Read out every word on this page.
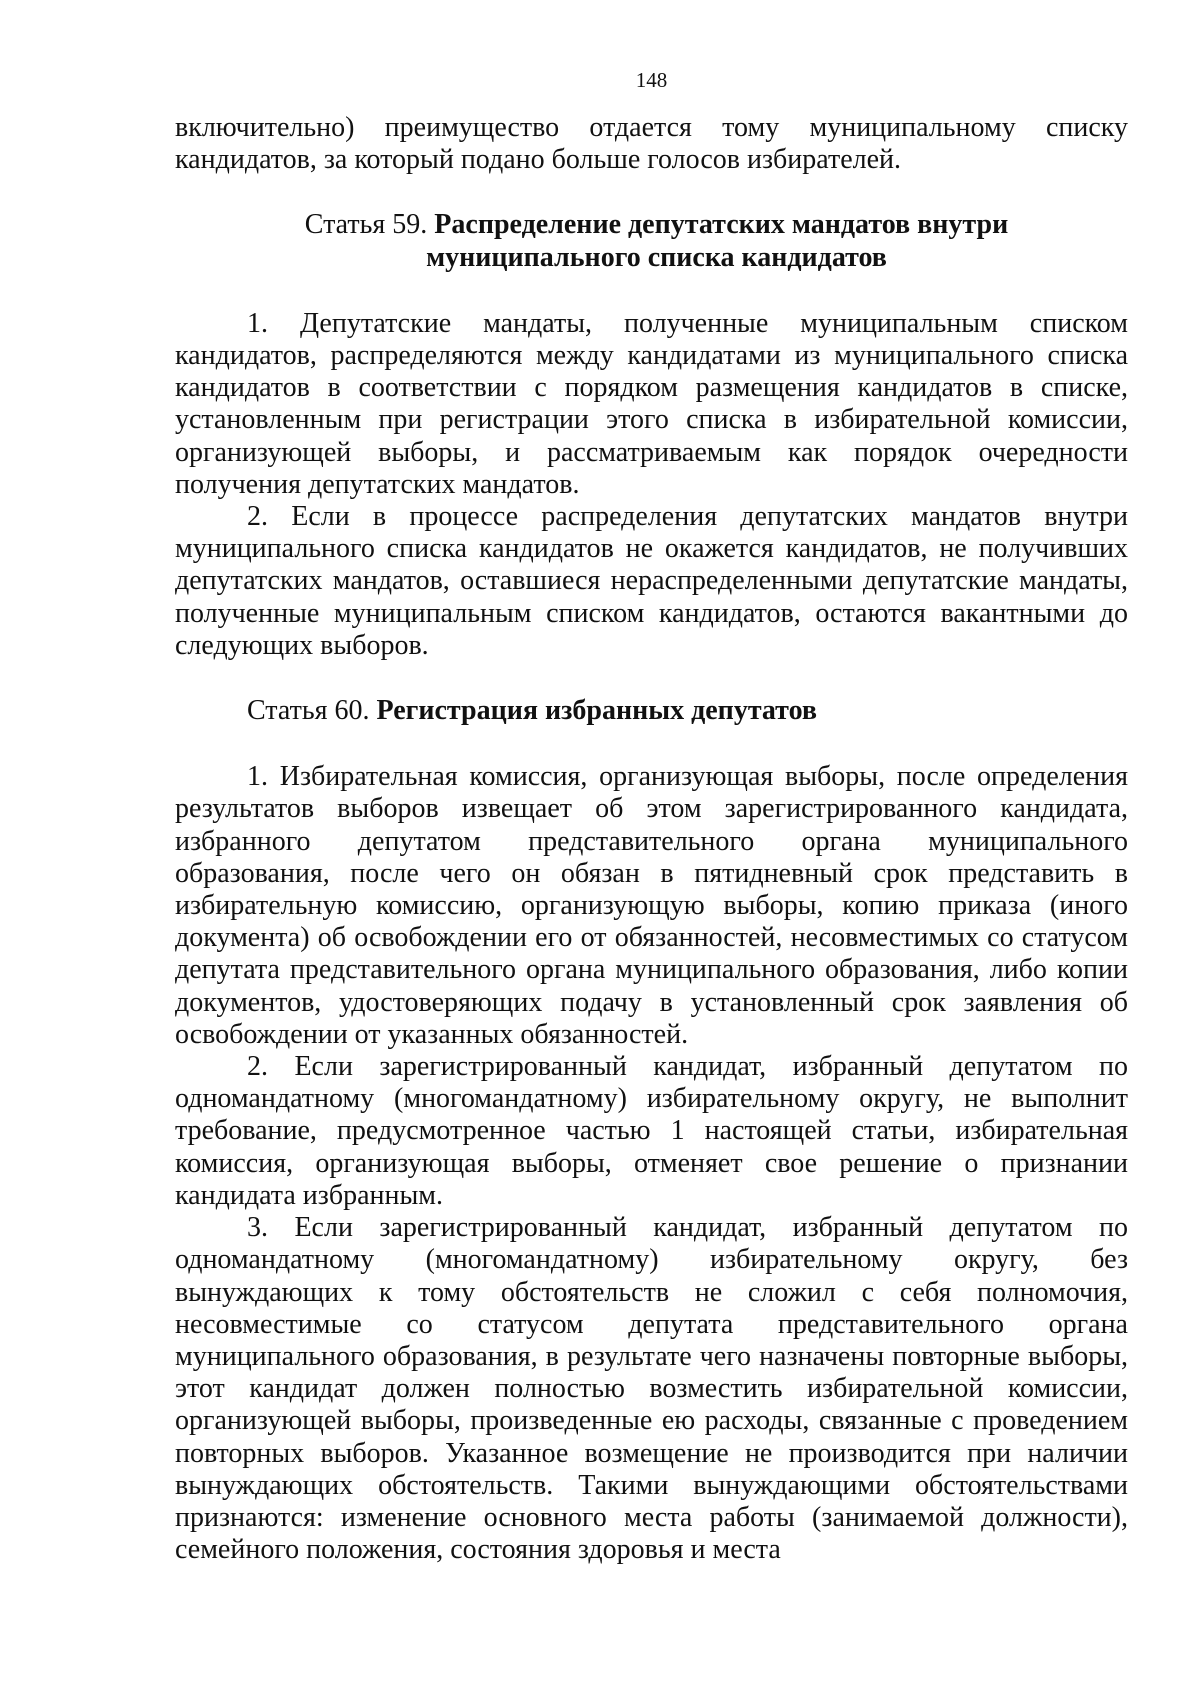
148

включительно) преимущество отдается тому муниципальному списку кандидатов, за который подано больше голосов избирателей.

Статья 59. Распределение депутатских мандатов внутри
муниципального списка кандидатов

1. Депутатские мандаты, полученные муниципальным списком кандидатов, распределяются между кандидатами из муниципального списка кандидатов в соответствии с порядком размещения кандидатов в списке, установленным при регистрации этого списка в избирательной комиссии, организующей выборы, и рассматриваемым как порядок очередности получения депутатских мандатов.

2. Если в процессе распределения депутатских мандатов внутри муниципального списка кандидатов не окажется кандидатов, не получивших депутатских мандатов, оставшиеся нераспределенными депутатские мандаты, полученные муниципальным списком кандидатов, остаются вакантными до следующих выборов.

Статья 60. Регистрация избранных депутатов

1. Избирательная комиссия, организующая выборы, после определения результатов выборов извещает об этом зарегистрированного кандидата, избранного депутатом представительного органа муниципального образования, после чего он обязан в пятидневный срок представить в избирательную комиссию, организующую выборы, копию приказа (иного документа) об освобождении его от обязанностей, несовместимых со статусом депутата представительного органа муниципального образования, либо копии документов, удостоверяющих подачу в установленный срок заявления об освобождении от указанных обязанностей.

2. Если зарегистрированный кандидат, избранный депутатом по одномандатному (многомандатному) избирательному округу, не выполнит требование, предусмотренное частью 1 настоящей статьи, избирательная комиссия, организующая выборы, отменяет свое решение о признании кандидата избранным.

3. Если зарегистрированный кандидат, избранный депутатом по одномандатному (многомандатному) избирательному округу, без вынуждающих к тому обстоятельств не сложил с себя полномочия, несовместимые со статусом депутата представительного органа муниципального образования, в результате чего назначены повторные выборы, этот кандидат должен полностью возместить избирательной комиссии, организующей выборы, произведенные ею расходы, связанные с проведением повторных выборов. Указанное возмещение не производится при наличии вынуждающих обстоятельств. Такими вынуждающими обстоятельствами признаются: изменение основного места работы (занимаемой должности), семейного положения, состояния здоровья и места
